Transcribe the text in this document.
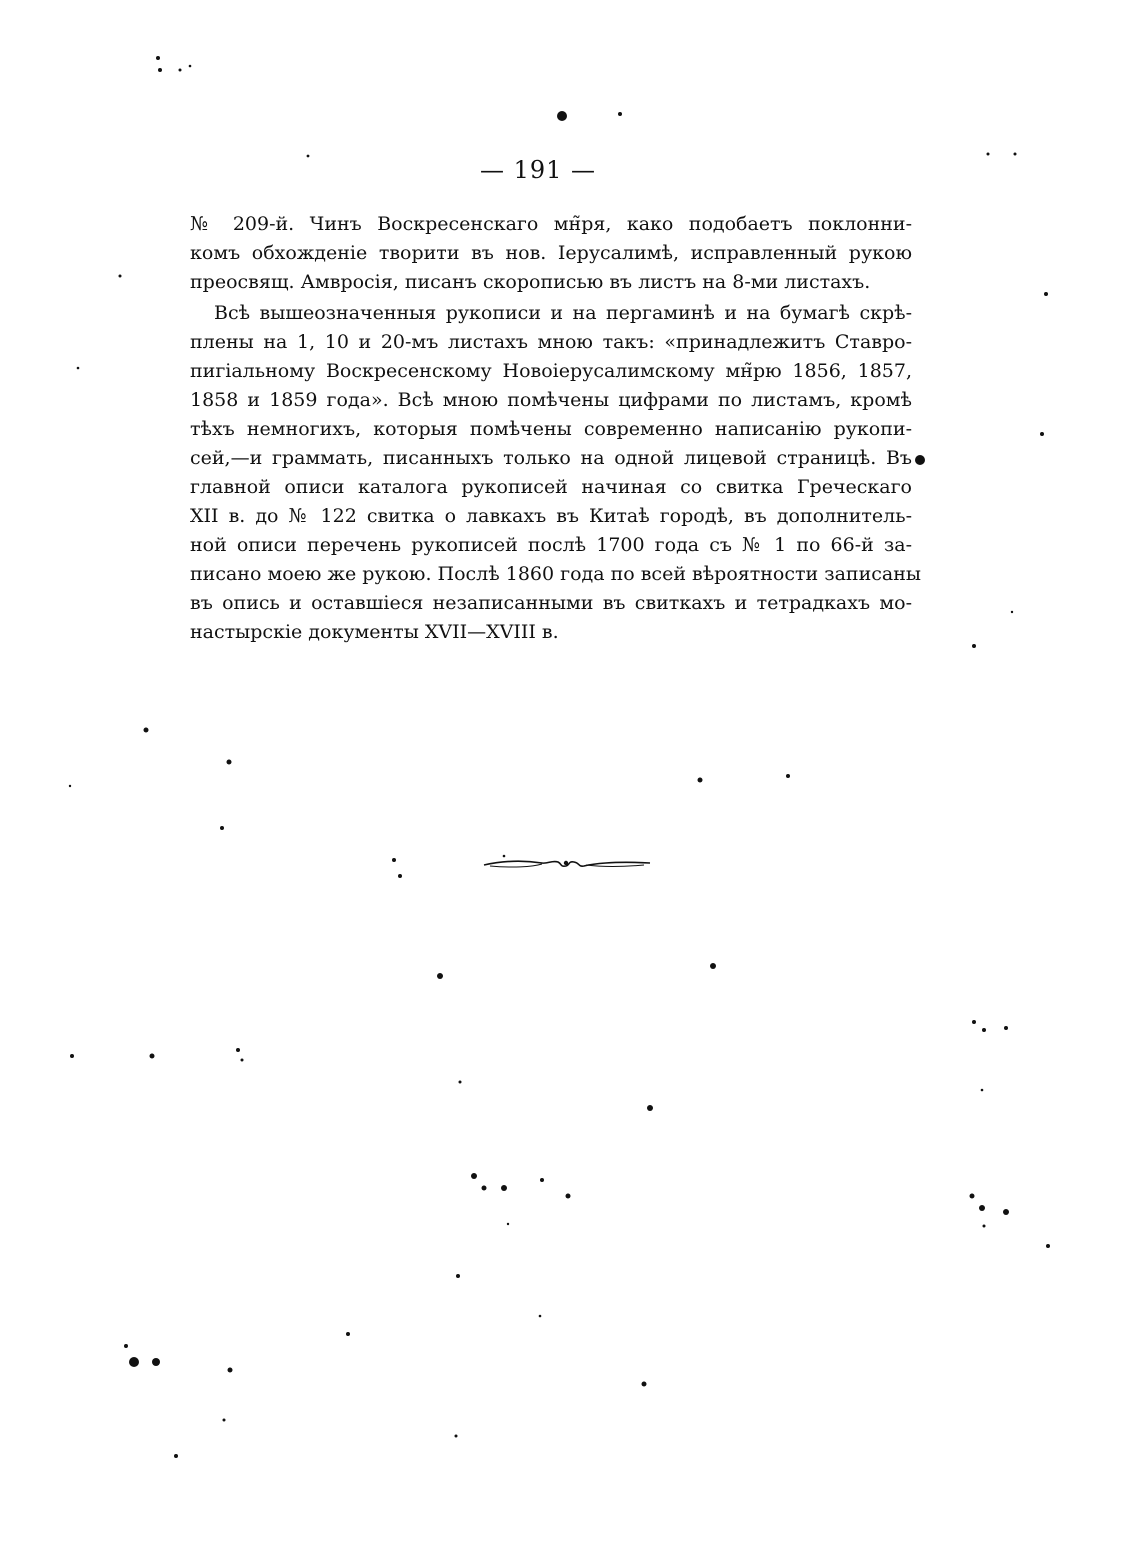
— 191 —
№ 209-й. Чинъ Воскресенскаго мн̃ря, како подобаетъ поклонни-
комъ обхожденіе творити въ нов. Іерусалимѣ, исправленный рукою
преосвящ. Амвросія, писанъ скорописью въ листъ на 8-ми листахъ.
Всѣ вышеозначенныя рукописи и на пергаминѣ и на бумагѣ скрѣ-
плены на 1, 10 и 20-мъ листахъ мною такъ: «принадлежитъ Ставро-
пигіальному Воскресенскому Новоіерусалимскому мн̃рю 1856, 1857,
1858 и 1859 года». Всѣ мною помѣчены цифрами по листамъ, кромѣ
тѣхъ немногихъ, которыя помѣчены современно написанію рукопи-
сей,—и граммать, писанныхъ только на одной лицевой страницѣ. Въ
главной описи каталога рукописей начиная со свитка Греческаго
XII в. до № 122 свитка о лавкахъ въ Китаѣ городѣ, въ дополнитель-
ной описи перечень рукописей послѣ 1700 года съ № 1 по 66-й за-
писано моею же рукою. Послѣ 1860 года по всей вѣроятности записаны
въ опись и оставшіеся незаписанными въ свиткахъ и тетрадкахъ мо-
настырскіе документы XVII—XVIII в.
